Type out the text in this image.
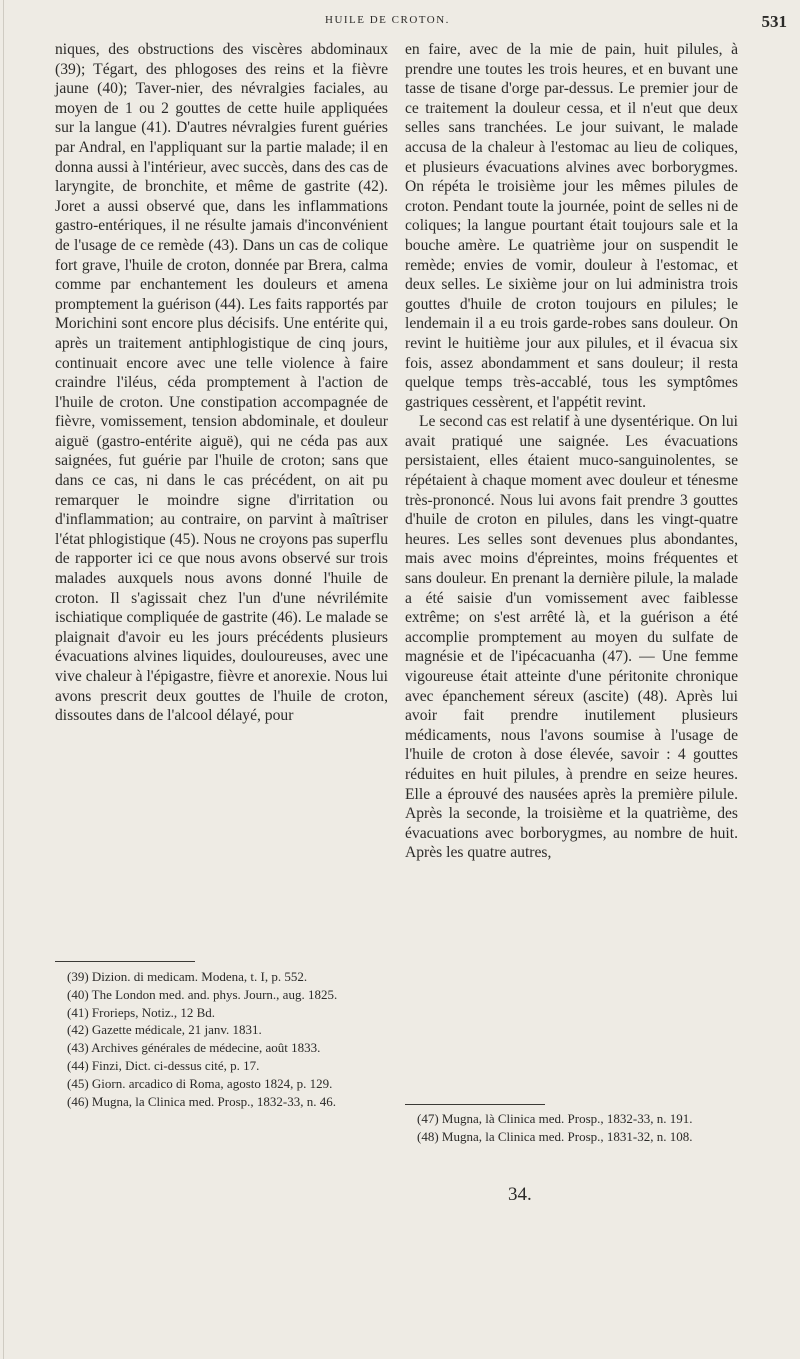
HUILE DE CROTON.	531

niques, des obstructions des viscères abdominaux (39); Tégart, des phlogoses des reins et la fièvre jaune (40); Taver-nier, des névralgies faciales, au moyen de 1 ou 2 gouttes de cette huile appliquées sur la langue (41). D'autres névralgies furent guéries par Andral, en l'appliquant sur la partie malade; il en donna aussi à l'intérieur, avec succès, dans des cas de laryngite, de bronchite, et même de gastrite (42). Joret a aussi observé que, dans les inflammations gastro-entériques, il ne résulte jamais d'inconvénient de l'usage de ce remède (43). Dans un cas de colique fort grave, l'huile de croton, donnée par Brera, calma comme par enchantement les douleurs et amena promptement la guérison (44). Les faits rapportés par Morichini sont encore plus décisifs. Une entérite qui, après un traitement antiphlogistique de cinq jours, continuait encore avec une telle violence à faire craindre l'iléus, céda promptement à l'action de l'huile de croton. Une constipation accompagnée de fièvre, vomissement, tension abdominale, et douleur aiguë (gastro-entérite aiguë), qui ne céda pas aux saignées, fut guérie par l'huile de croton; sans que dans ce cas, ni dans le cas précédent, on ait pu remarquer le moindre signe d'irritation ou d'inflammation; au contraire, on parvint à maîtriser l'état phlogistique (45). Nous ne croyons pas superflu de rapporter ici ce que nous avons observé sur trois malades auxquels nous avons donné l'huile de croton. Il s'agissait chez l'un d'une névrilémite ischiatique compliquée de gastrite (46). Le malade se plaignait d'avoir eu les jours précédents plusieurs évacuations alvines liquides, douloureuses, avec une vive chaleur à l'épigastre, fièvre et anorexie. Nous lui avons prescrit deux gouttes de l'huile de croton, dissoutes dans de l'alcool délayé, pour

en faire, avec de la mie de pain, huit pilules, à prendre une toutes les trois heures, et en buvant une tasse de tisane d'orge par-dessus. Le premier jour de ce traitement la douleur cessa, et il n'eut que deux selles sans tranchées. Le jour suivant, le malade accusa de la chaleur à l'estomac au lieu de coliques, et plusieurs évacuations alvines avec borborygmes. On répéta le troisième jour les mêmes pilules de croton. Pendant toute la journée, point de selles ni de coliques; la langue pourtant était toujours sale et la bouche amère. Le quatrième jour on suspendit le remède; envies de vomir, douleur à l'estomac, et deux selles. Le sixième jour on lui administra trois gouttes d'huile de croton toujours en pilules; le lendemain il a eu trois garde-robes sans douleur. On revint le huitième jour aux pilules, et il évacua six fois, assez abondamment et sans douleur; il resta quelque temps très-accablé, tous les symptômes gastriques cessèrent, et l'appétit revint.

Le second cas est relatif à une dysentérique. On lui avait pratiqué une saignée. Les évacuations persistaient, elles étaient muco-sanguinolentes, se répétaient à chaque moment avec douleur et ténesme très-prononcé. Nous lui avons fait prendre 3 gouttes d'huile de croton en pilules, dans les vingt-quatre heures. Les selles sont devenues plus abondantes, mais avec moins d'épreintes, moins fréquentes et sans douleur. En prenant la dernière pilule, la malade a été saisie d'un vomissement avec faiblesse extrême; on s'est arrêté là, et la guérison a été accomplie promptement au moyen du sulfate de magnésie et de l'ipécacuanha (47). — Une femme vigoureuse était atteinte d'une péritonite chronique avec épanchement séreux (ascite) (48). Après lui avoir fait prendre inutilement plusieurs médicaments, nous l'avons soumise à l'usage de l'huile de croton à dose élevée, savoir : 4 gouttes réduites en huit pilules, à prendre en seize heures. Elle a éprouvé des nausées après la première pilule. Après la seconde, la troisième et la quatrième, des évacuations avec borborygmes, au nombre de huit. Après les quatre autres,

(39) Dizion. di medicam. Modena, t. I, p. 552.

(40) The London med. and. phys. Journ., aug. 1825.

(41) Frorieps, Notiz., 12 Bd.

(42) Gazette médicale, 21 janv. 1831.

(43) Archives générales de médecine, août 1833.

(44) Finzi, Dict. ci-dessus cité, p. 17.

(45) Giorn. arcadico di Roma, agosto 1824, p. 129.

(46) Mugna, la Clinica med. Prosp., 1832-33, n. 46.

(47) Mugna, là Clinica med. Prosp., 1832-33, n. 191.

(48) Mugna, la Clinica med. Prosp., 1831-32, n. 108.

34.
